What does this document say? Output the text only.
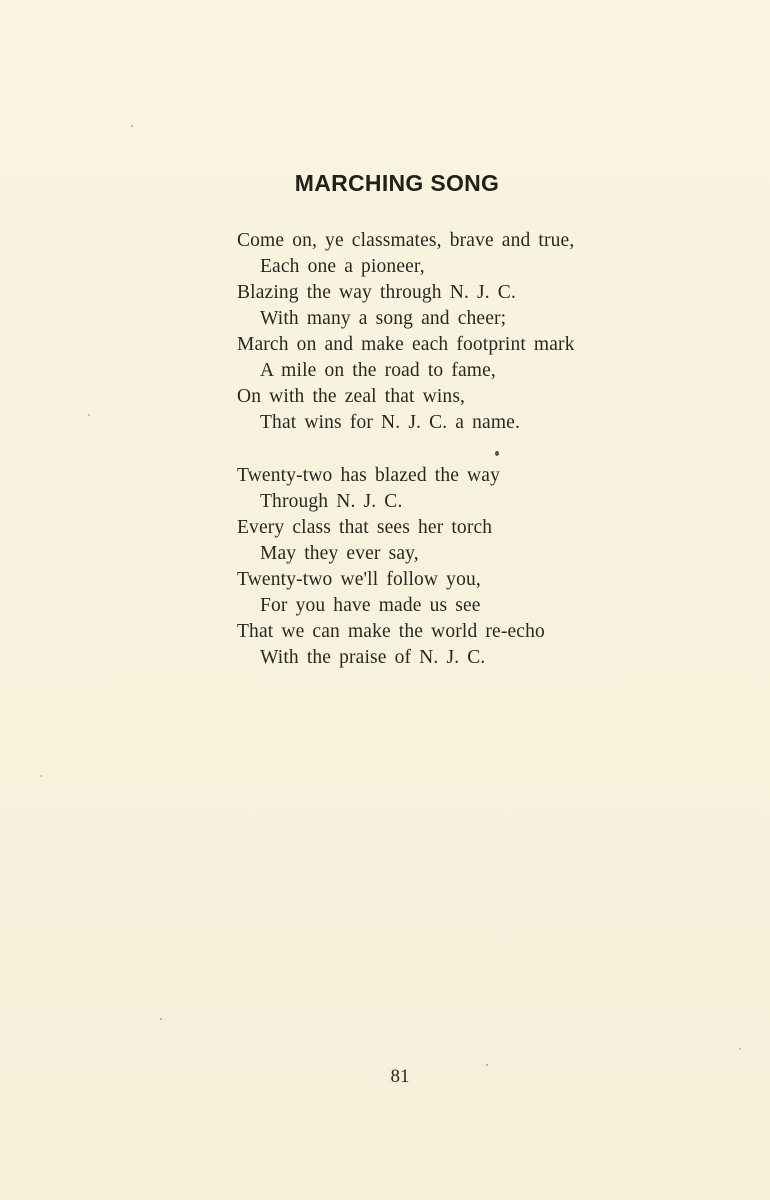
MARCHING SONG
Come on, ye classmates, brave and true,
Each one a pioneer,
Blazing the way through N. J. C.
With many a song and cheer;
March on and make each footprint mark
A mile on the road to fame,
On with the zeal that wins,
That wins for N. J. C. a name.
Twenty-two has blazed the way
Through N. J. C.
Every class that sees her torch
May they ever say,
Twenty-two we'll follow you,
For you have made us see
That we can make the world re-echo
With the praise of N. J. C.
81
